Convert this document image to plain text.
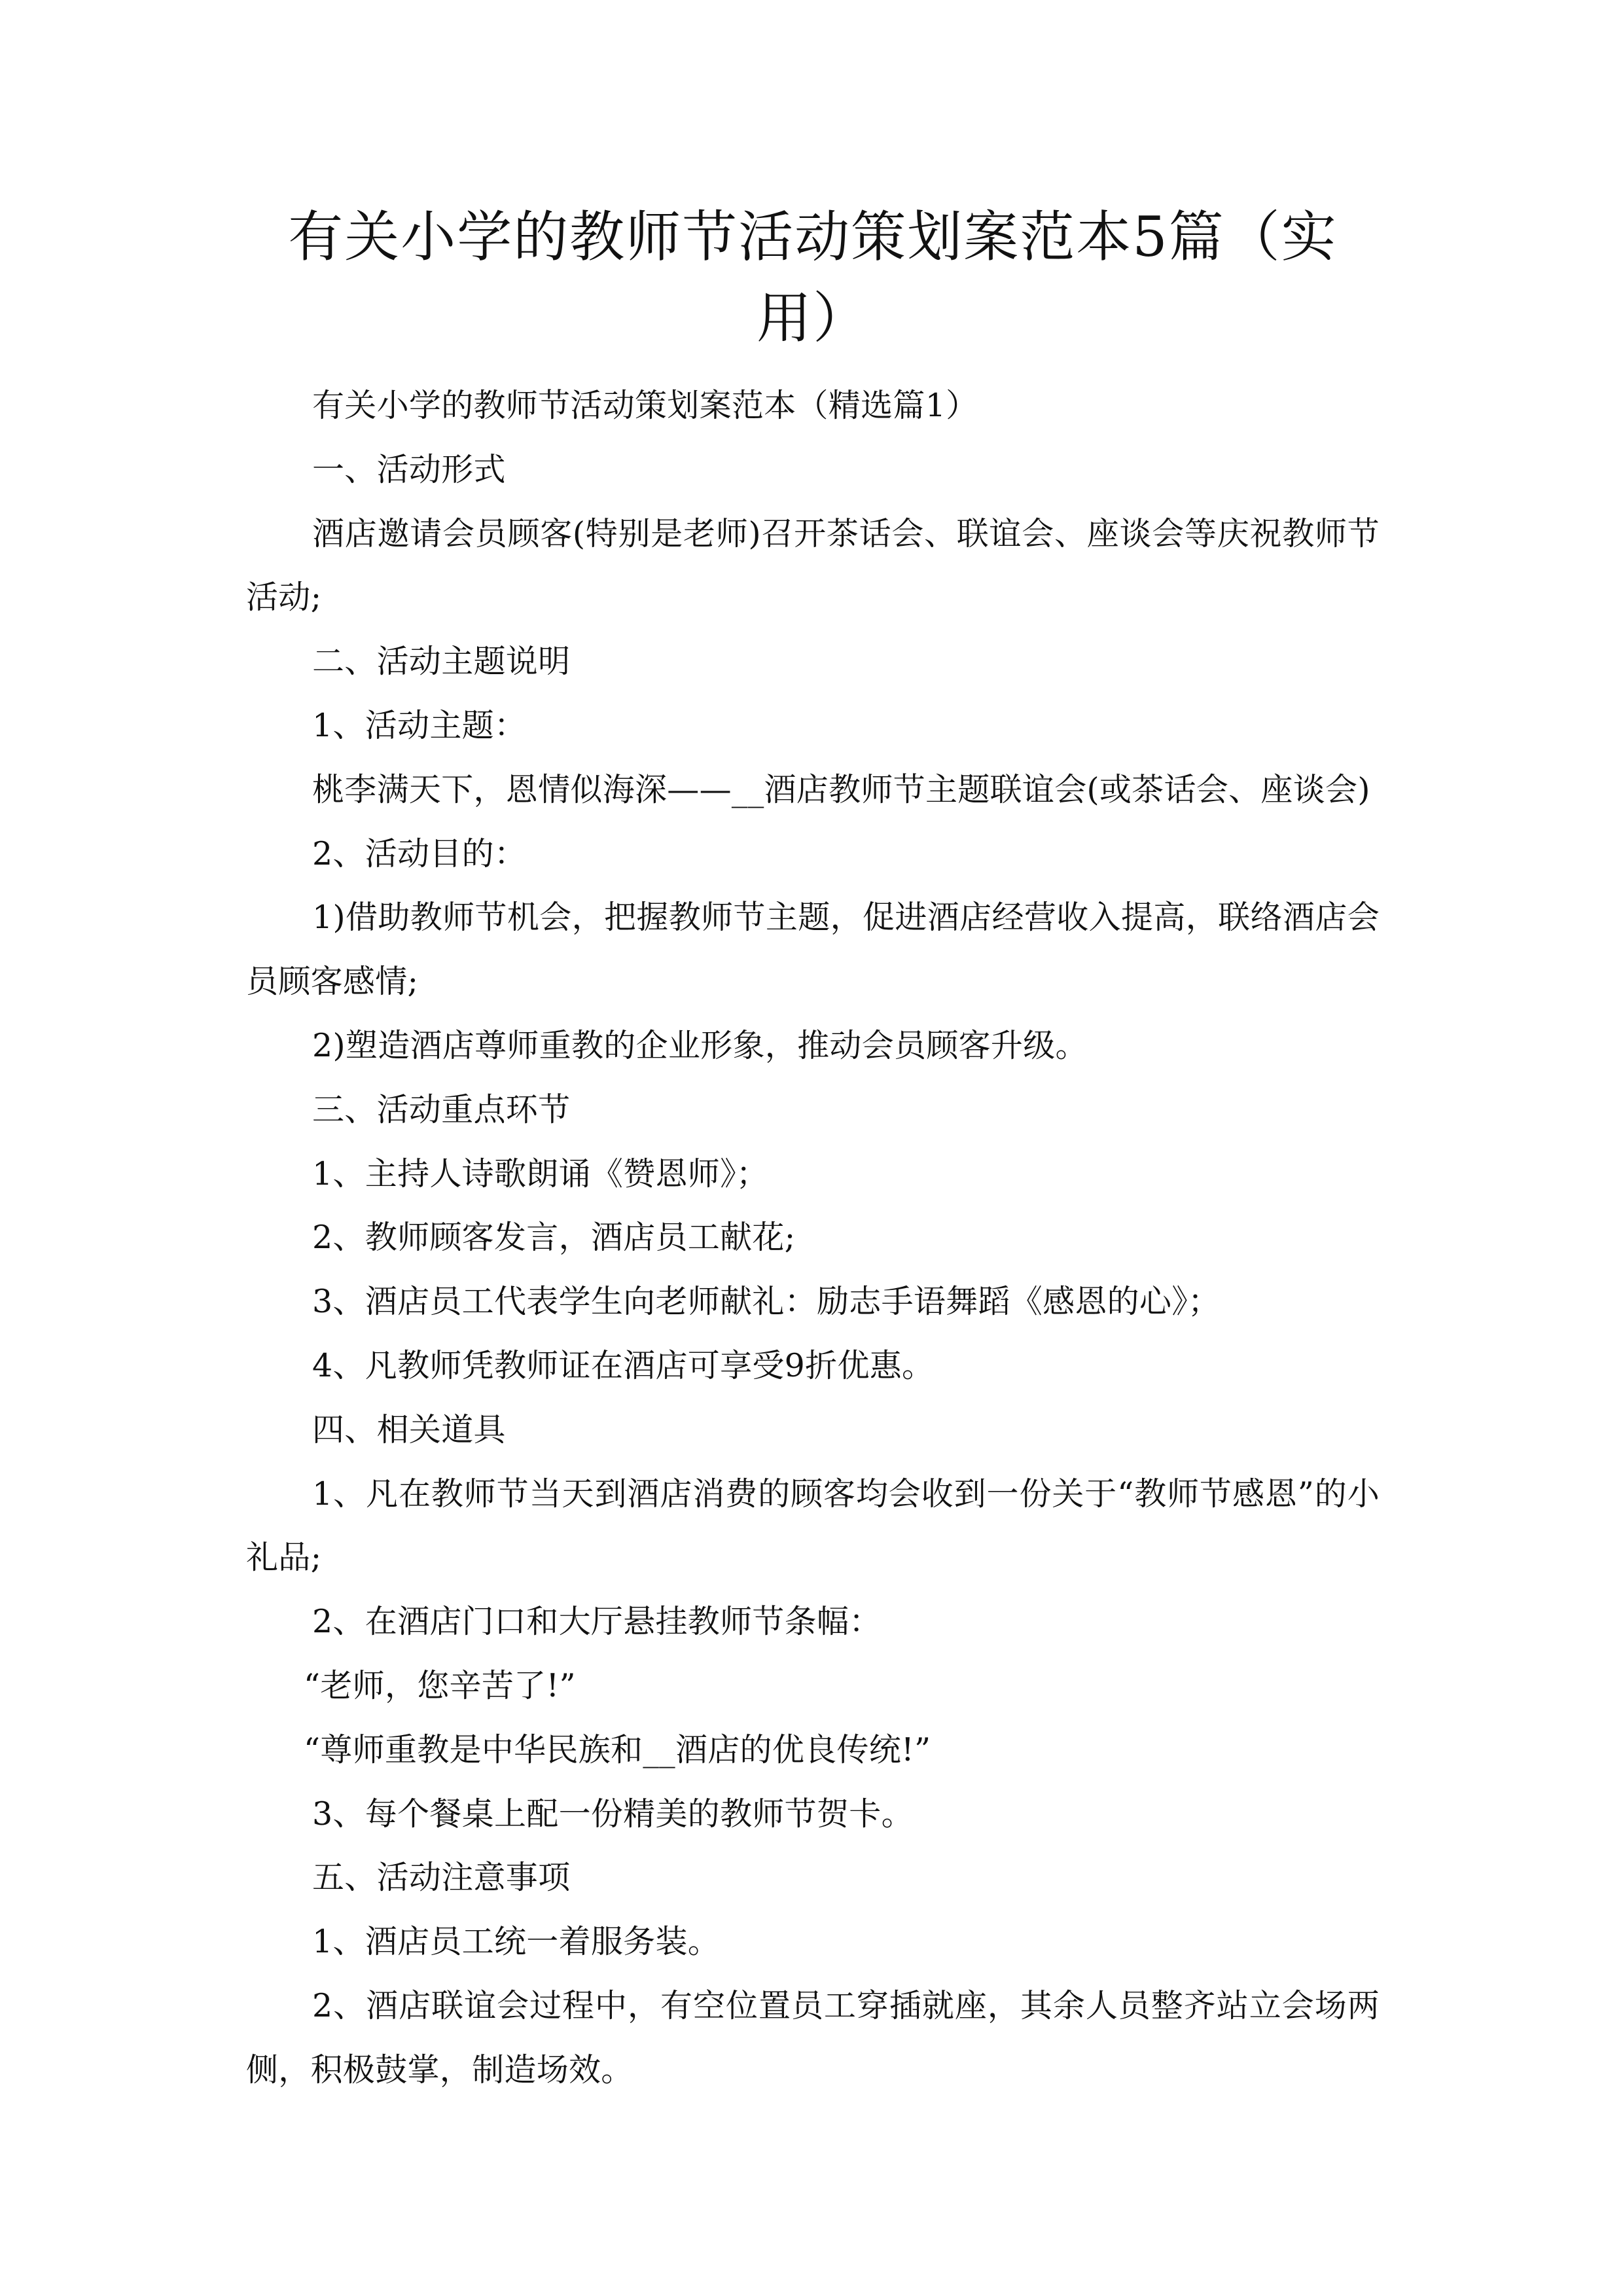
有关小学的教师节活动策划案范本5篇（实用）

有关小学的教师节活动策划案范本（精选篇1）

一、活动形式

酒店邀请会员顾客(特别是老师)召开茶话会、联谊会、座谈会等庆祝教师节活动;

二、活动主题说明

1、活动主题：

桃李满天下，恩情似海深——__酒店教师节主题联谊会(或茶话会、座谈会)

2、活动目的：

1)借助教师节机会，把握教师节主题，促进酒店经营收入提高，联络酒店会员顾客感情;

2)塑造酒店尊师重教的企业形象，推动会员顾客升级。

三、活动重点环节

1、主持人诗歌朗诵《赞恩师》；

2、教师顾客发言，酒店员工献花;

3、酒店员工代表学生向老师献礼：励志手语舞蹈《感恩的心》；

4、凡教师凭教师证在酒店可享受9折优惠。

四、相关道具

1、凡在教师节当天到酒店消费的顾客均会收到一份关于“教师节感恩”的小礼品;

2、在酒店门口和大厅悬挂教师节条幅：

“老师，您辛苦了!”

“尊师重教是中华民族和__酒店的优良传统!”

3、每个餐桌上配一份精美的教师节贺卡。

五、活动注意事项

1、酒店员工统一着服务装。

2、酒店联谊会过程中，有空位置员工穿插就座，其余人员整齐站立会场两侧，积极鼓掌，制造场效。
